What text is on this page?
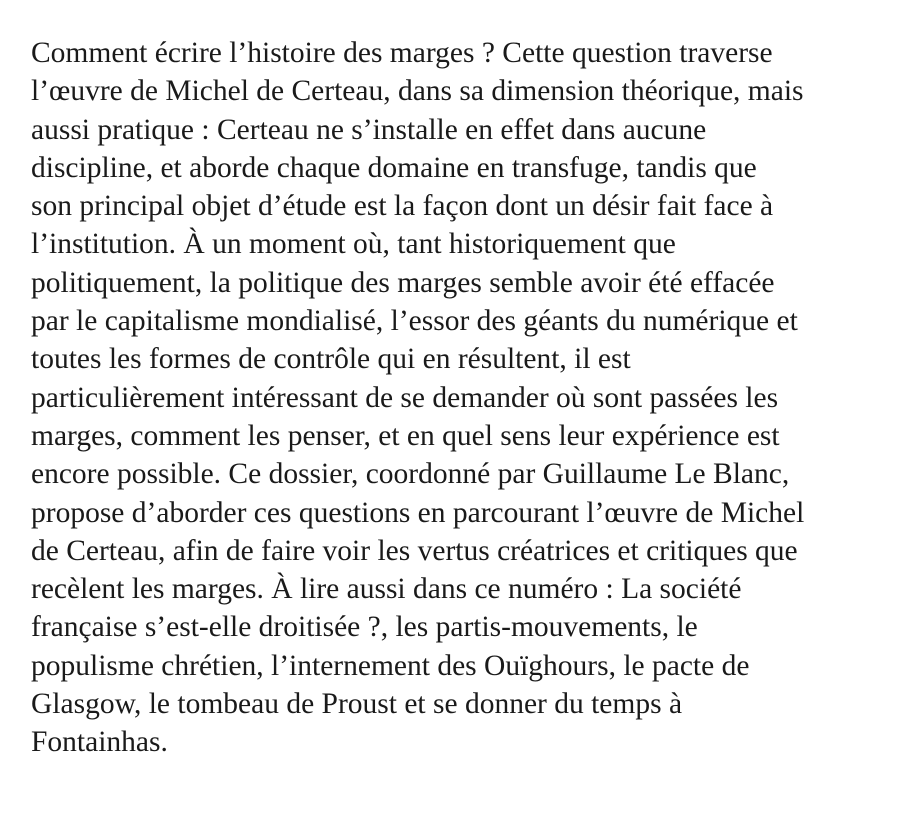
Comment écrire l’histoire des marges ? Cette question traverse
l’œuvre de Michel de Certeau, dans sa dimension théorique, mais
aussi pratique : Certeau ne s’installe en effet dans aucune
discipline, et aborde chaque domaine en transfuge, tandis que
son principal objet d’étude est la façon dont un désir fait face à
l’institution. À un moment où, tant historiquement que
politiquement, la politique des marges semble avoir été effacée
par le capitalisme mondialisé, l’essor des géants du numérique et
toutes les formes de contrôle qui en résultent, il est
particulièrement intéressant de se demander où sont passées les
marges, comment les penser, et en quel sens leur expérience est
encore possible. Ce dossier, coordonné par Guillaume Le Blanc,
propose d’aborder ces questions en parcourant l’œuvre de Michel
de Certeau, afin de faire voir les vertus créatrices et critiques que
recèlent les marges. À lire aussi dans ce numéro : La société
française s’est-elle droitisée ?, les partis-mouvements, le
populisme chrétien, l’internement des Ouïghours, le pacte de
Glasgow, le tombeau de Proust et se donner du temps à
Fontainhas.
